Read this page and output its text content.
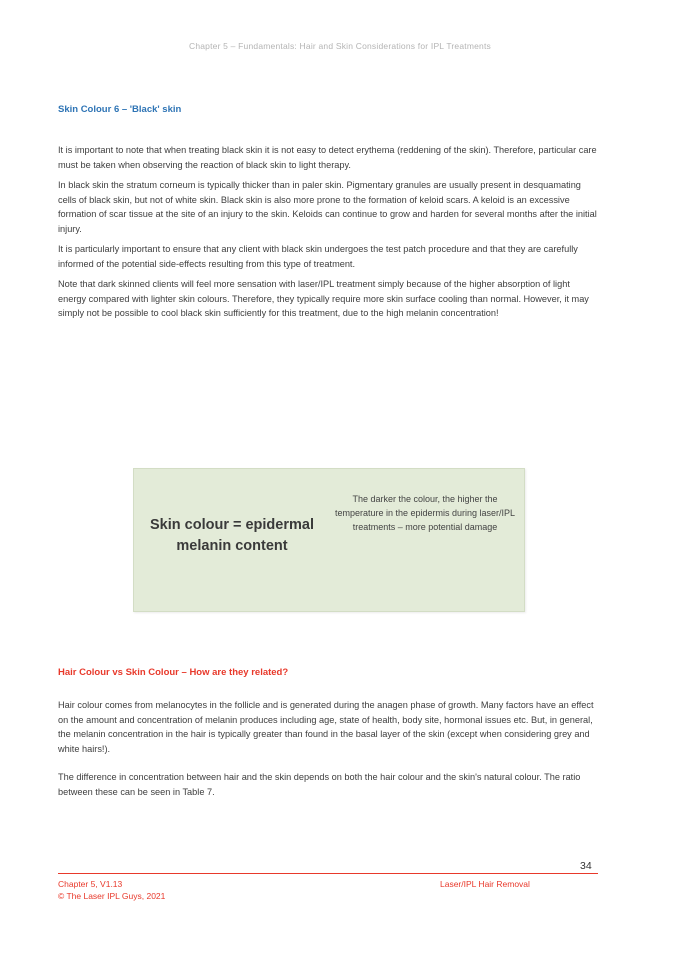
Chapter 5 – Fundamentals: Hair and Skin Considerations for IPL Treatments
Skin Colour 6 – 'Black' skin

It is important to note that when treating black skin it is not easy to detect erythema (reddening of the skin). Therefore, particular care must be taken when observing the reaction of black skin to light therapy.

In black skin the stratum corneum is typically thicker than in paler skin. Pigmentary granules are usually present in desquamating cells of black skin, but not of white skin. Black skin is also more prone to the formation of keloid scars. A keloid is an excessive formation of scar tissue at the site of an injury to the skin. Keloids can continue to grow and harden for several months after the initial injury.

It is particularly important to ensure that any client with black skin undergoes the test patch procedure and that they are carefully informed of the potential side-effects resulting from this type of treatment.

Note that dark skinned clients will feel more sensation with laser/IPL treatment simply because of the higher absorption of light energy compared with lighter skin colours. Therefore, they typically require more skin surface cooling than normal. However, it may simply not be possible to cool black skin sufficiently for this treatment, due to the high melanin concentration!

Skin colour = epidermal melanin content
The darker the colour, the higher the temperature in the epidermis during laser/IPL treatments – more potential damage
Hair Colour vs Skin Colour – How are they related?

Hair colour comes from melanocytes in the follicle and is generated during the anagen phase of growth. Many factors have an effect on the amount and concentration of melanin produces including age, state of health, body site, hormonal issues etc. But, in general, the melanin concentration in the hair is typically greater than found in the basal layer of the skin (except when considering grey and white hairs!).

The difference in concentration between hair and the skin depends on both the hair colour and the skin's natural colour. The ratio between these can be seen in Table 7.

34
Chapter 5, V1.13
© The Laser IPL Guys, 2021
Laser/IPL Hair Removal
